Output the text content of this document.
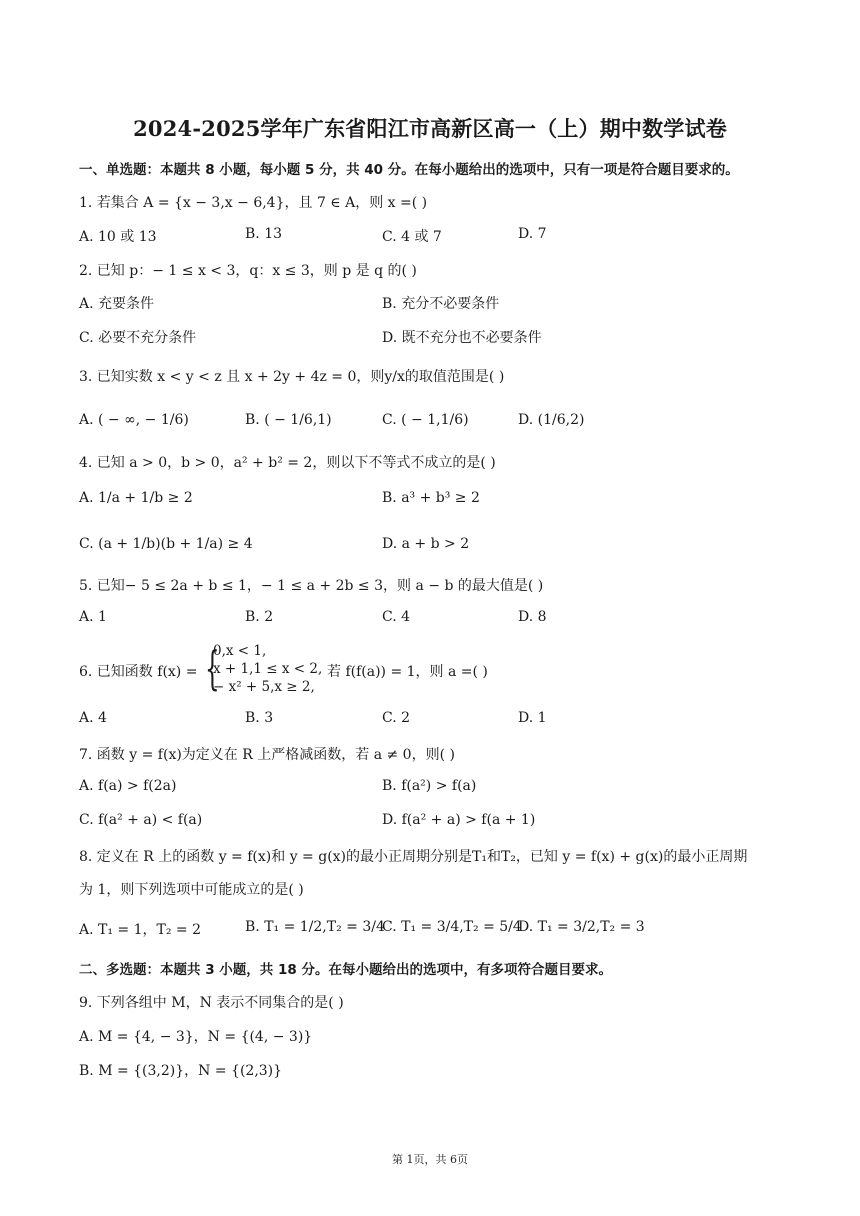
2024-2025学年广东省阳江市高新区高一（上）期中数学试卷
一、单选题：本题共 8 小题，每小题 5 分，共 40 分。在每小题给出的选项中，只有一项是符合题目要求的。
1. 若集合 A = {x − 3,x − 6,4}，且 7 ∈ A，则 x =( )
A. 10 或 13	B. 13	C. 4 或 7	D. 7
2. 已知 p：− 1 ≤ x < 3，q：x ≤ 3，则 p 是 q 的( )
A. 充要条件	B. 充分不必要条件
C. 必要不充分条件	D. 既不充分也不必要条件
3. 已知实数 x < y < z 且 x + 2y + 4z = 0，则y/x的取值范围是( )
A. ( − ∞, − 1/6)	B. ( − 1/6,1)	C. ( − 1,1/6)	D. (1/6,2)
4. 已知 a > 0，b > 0，a² + b² = 2，则以下不等式不成立的是( )
A. 1/a + 1/b ≥ 2	B. a³ + b³ ≥ 2
C. (a + 1/b)(b + 1/a) ≥ 4	D. a + b > 2
5. 已知− 5 ≤ 2a + b ≤ 1，− 1 ≤ a + 2b ≤ 3，则 a − b 的最大值是( )
A. 1	B. 2	C. 4	D. 8
6. 已知函数 f(x) = {
0,x < 1,
x + 1,1 ≤ x < 2,
− x² + 5,x ≥ 2,
若 f(f(a)) = 1，则 a =( )
A. 4	B. 3	C. 2	D. 1
7. 函数 y = f(x)为定义在 R 上严格减函数，若 a ≠ 0，则( )
A. f(a) > f(2a)	B. f(a²) > f(a)
C. f(a² + a) < f(a)	D. f(a² + a) > f(a + 1)
8. 定义在 R 上的函数 y = f(x)和 y = g(x)的最小正周期分别是T₁和T₂，已知 y = f(x) + g(x)的最小正周期
为 1，则下列选项中可能成立的是( )
A. T₁ = 1，T₂ = 2	B. T₁ = 1/2,T₂ = 3/4
C. T₁ = 3/4,T₂ = 5/4
D. T₁ = 3/2,T₂ = 3
二、多选题：本题共 3 小题，共 18 分。在每小题给出的选项中，有多项符合题目要求。
9. 下列各组中 M，N 表示不同集合的是( )
A. M = {4, − 3}，N = {(4, − 3)}
B. M = {(3,2)}，N = {(2,3)}
第 1页，共 6页
